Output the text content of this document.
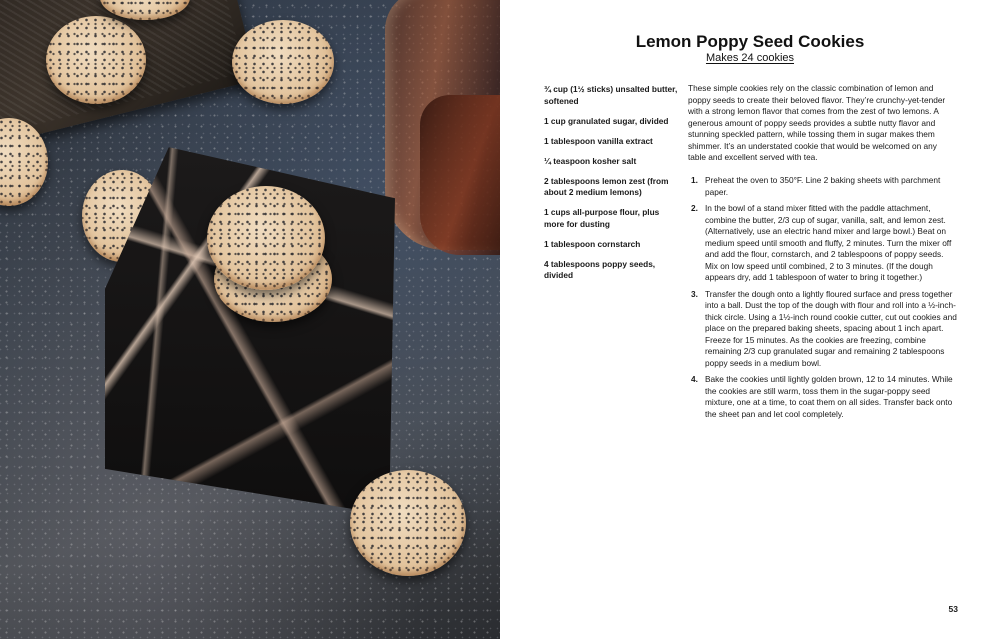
Lemon Poppy Seed Cookies
Makes 24 cookies
¾ cup (1½ sticks) unsalted butter, softened
1 cup granulated sugar, divided
1 tablespoon vanilla extract
¼ teaspoon kosher salt
2 tablespoons lemon zest (from about 2 medium lemons)
1 cups all-purpose flour, plus more for dusting
1 tablespoon cornstarch
4 tablespoons poppy seeds, divided

These simple cookies rely on the classic combination of lemon and poppy seeds to create their beloved flavor. They’re crunchy-yet-tender with a strong lemon flavor that comes from the zest of two lemons. A generous amount of poppy seeds provides a subtle nutty flavor and stunning speckled pattern, while tossing them in sugar makes them shimmer. It’s an understated cookie that would be welcomed on any table and excellent served with tea.

1. Preheat the oven to 350°F. Line 2 baking sheets with parchment paper.
2. In the bowl of a stand mixer fitted with the paddle attachment, combine the butter, 2/3 cup of sugar, vanilla, salt, and lemon zest. (Alternatively, use an electric hand mixer and large bowl.) Beat on medium speed until smooth and fluffy, 2 minutes. Turn the mixer off and add the flour, cornstarch, and 2 tablespoons of poppy seeds. Mix on low speed until combined, 2 to 3 minutes. (If the dough appears dry, add 1 tablespoon of water to bring it together.)
3. Transfer the dough onto a lightly floured surface and press together into a ball. Dust the top of the dough with flour and roll into a ½-inch-thick circle. Using a 1½-inch round cookie cutter, cut out cookies and place on the prepared baking sheets, spacing about 1 inch apart. Freeze for 15 minutes. As the cookies are freezing, combine remaining 2/3 cup granulated sugar and remaining 2 tablespoons poppy seeds in a medium bowl.
4. Bake the cookies until lightly golden brown, 12 to 14 minutes. While the cookies are still warm, toss them in the sugar-poppy seed mixture, one at a time, to coat them on all sides. Transfer back onto the sheet pan and let cool completely.
53
